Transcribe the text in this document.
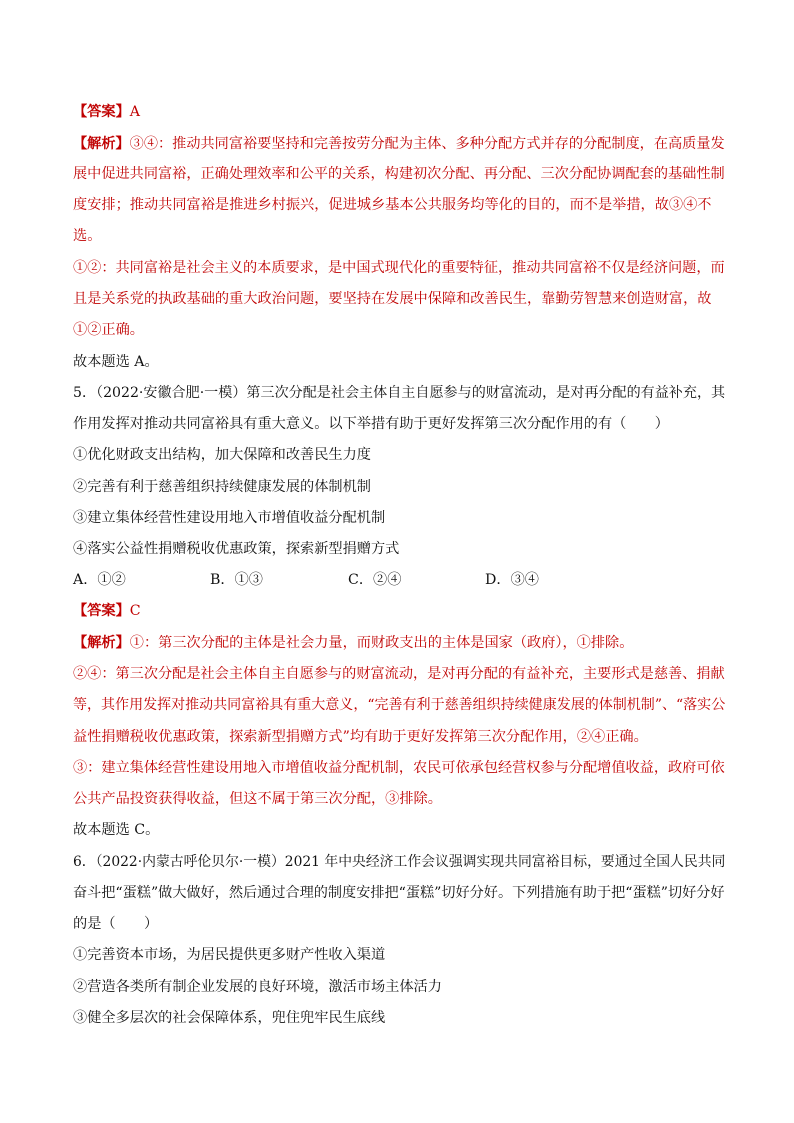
【答案】A
【解析】③④：推动共同富裕要坚持和完善按劳分配为主体、多种分配方式并存的分配制度，在高质量发
展中促进共同富裕，正确处理效率和公平的关系，构建初次分配、再分配、三次分配协调配套的基础性制
度安排；推动共同富裕是推进乡村振兴，促进城乡基本公共服务均等化的目的，而不是举措，故③④不
选。
①②：共同富裕是社会主义的本质要求，是中国式现代化的重要特征，推动共同富裕不仅是经济问题，而
且是关系党的执政基础的重大政治问题，要坚持在发展中保障和改善民生，靠勤劳智慧来创造财富，故
①②正确。
故本题选 A。
5．（2022·安徽合肥·一模）第三次分配是社会主体自主自愿参与的财富流动，是对再分配的有益补充，其
作用发挥对推动共同富裕具有重大意义。以下举措有助于更好发挥第三次分配作用的有（　　）
①优化财政支出结构，加大保障和改善民生力度
②完善有利于慈善组织持续健康发展的体制机制
③建立集体经营性建设用地入市增值收益分配机制
④落实公益性捐赠税收优惠政策，探索新型捐赠方式
A．①②	B．①③	C．②④	D．③④
【答案】C
【解析】①：第三次分配的主体是社会力量，而财政支出的主体是国家（政府），①排除。
②④：第三次分配是社会主体自主自愿参与的财富流动，是对再分配的有益补充，主要形式是慈善、捐献
等，其作用发挥对推动共同富裕具有重大意义，“完善有利于慈善组织持续健康发展的体制机制”、“落实公
益性捐赠税收优惠政策，探索新型捐赠方式”均有助于更好发挥第三次分配作用，②④正确。
③：建立集体经营性建设用地入市增值收益分配机制，农民可依承包经营权参与分配增值收益，政府可依
公共产品投资获得收益，但这不属于第三次分配，③排除。
故本题选 C。
6．（2022·内蒙古呼伦贝尔·一模）2021 年中央经济工作会议强调实现共同富裕目标，要通过全国人民共同
奋斗把“蛋糕”做大做好，然后通过合理的制度安排把“蛋糕”切好分好。下列措施有助于把“蛋糕”切好分好
的是（　　）
①完善资本市场，为居民提供更多财产性收入渠道
②营造各类所有制企业发展的良好环境，激活市场主体活力
③健全多层次的社会保障体系，兜住兜牢民生底线
